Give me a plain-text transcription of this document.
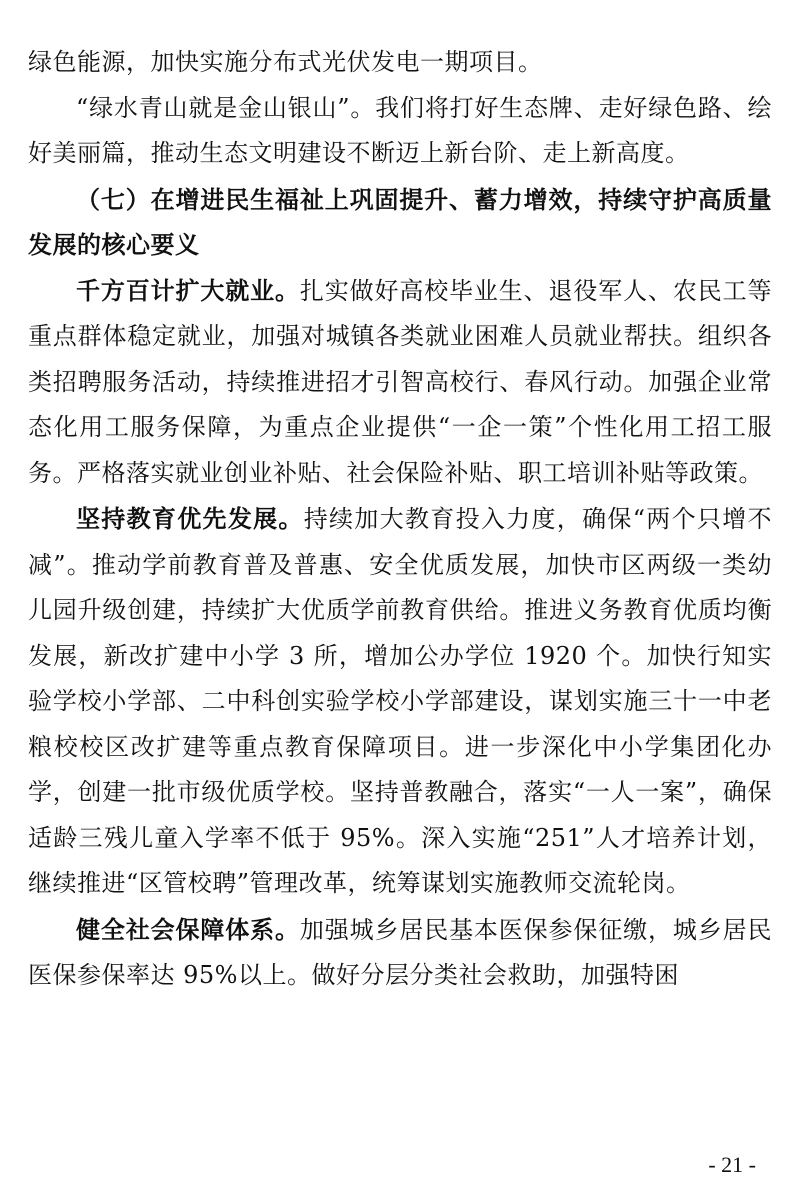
绿色能源，加快实施分布式光伏发电一期项目。

“绿水青山就是金山银山”。我们将打好生态牌、走好绿色路、绘好美丽篇，推动生态文明建设不断迈上新台阶、走上新高度。

（七）在增进民生福祉上巩固提升、蓄力增效，持续守护高质量发展的核心要义

千方百计扩大就业。扎实做好高校毕业生、退役军人、农民工等重点群体稳定就业，加强对城镇各类就业困难人员就业帮扶。组织各类招聘服务活动，持续推进招才引智高校行、春风行动。加强企业常态化用工服务保障，为重点企业提供“一企一策”个性化用工招工服务。严格落实就业创业补贴、社会保险补贴、职工培训补贴等政策。

坚持教育优先发展。持续加大教育投入力度，确保“两个只增不减”。推动学前教育普及普惠、安全优质发展，加快市区两级一类幼儿园升级创建，持续扩大优质学前教育供给。推进义务教育优质均衡发展，新改扩建中小学 3 所，增加公办学位 1920 个。加快行知实验学校小学部、二中科创实验学校小学部建设，谋划实施三十一中老粮校校区改扩建等重点教育保障项目。进一步深化中小学集团化办学，创建一批市级优质学校。坚持普教融合，落实“一人一案”，确保适龄三残儿童入学率不低于 95%。深入实施“251”人才培养计划，继续推进“区管校聘”管理改革，统筹谋划实施教师交流轮岗。

健全社会保障体系。加强城乡居民基本医保参保征缴，城乡居民医保参保率达 95%以上。做好分层分类社会救助，加强特困

- 21 -
